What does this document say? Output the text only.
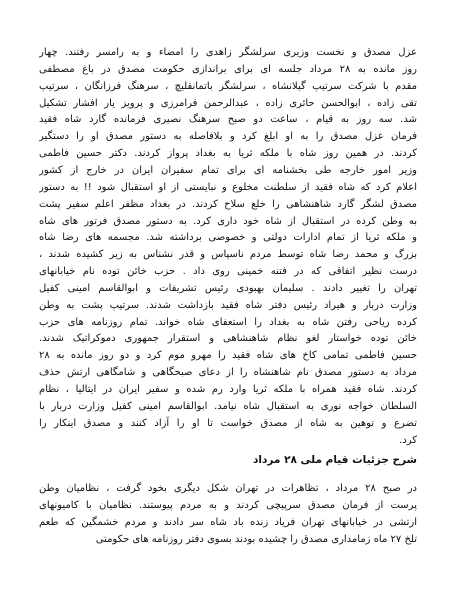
عزل مصدق و نخست وزیری سرلشگر زاهدی را امضاء و به رامسر رفتند. چهار
روز مانده به ۲۸ مرداد جلسه ای برای براندازی حکومت مصدق در باغ مصطفی
مقدم با شرکت سرتیپ گیلانشاه ، سرلشگر باتمانقلیچ ، سرهنگ فرزانگان ، سرتیپ
تقی زاده ، ابوالحسن حائری زاده ، عبدالرحمن فرامرزی و پرویز یار افشار تشکیل
شد. سه روز به قیام ، ساعت دو صبح سرهنگ نصیری فرمانده گارد شاه فقید
فرمان عزل مصدق را به او ابلغ کرد و بلافاصله به دستور مصدق او را دستگیر
کردند. در همین روز شاه با ملکه ثریا به بغداد پرواز کردند. دکتر حسین فاطمی
وزیر امور خارجه طی بخشنامه ای برای تمام سفیران ایران در خارج از کشور
اعلام کرد که شاه فقید از سلطنت مخلوع و نبایستی از او استقبال شود !! به دستور
مصدق لشگر گارد شاهنشاهی را خلع سلاح کردند. در بغداد مظفر اعلم سفیر پشت
به وطن کرده در استقبال از شاه خود داری کرد. به دستور مصدق فرتور های شاه
و ملکه ثریا از تمام ادارات دولتی و خصوصی برداشته شد. مجسمه های رضا شاه
بزرگ و محمد رضا شاه توسط مردم ناسپاس و قدر نشناس به زیر کشیده شدند ،
درست نظیر اتفاقی که در فتنه خمینی روی داد . حزب خائن توده نام خیابانهای
تهران را تغییر دادند . سلیمان بهبودی رئیس تشریفات و ابوالقاسم امینی کفیل
وزارت دربار و هیراد رئیس دفتر شاه فقید بازداشت شدند. سرتیپ پشت به وطن
کرده ریاحی رفتن شاه به بغداد را استعفای شاه خواند. تمام روزنامه های حزب
خائن توده خواستار لغو نظام شاهنشاهی و استقرار جمهوری دموکراتیک شدند.
حسین فاطمی تمامی کاخ های شاه فقید را مهرو موم کرد و دو روز مانده به ۲۸
مرداد به دستور مصدق نام شاهنشاه را از دعای صبحگاهی و شامگاهی ارتش حذف
کردند. شاه فقید همراه با ملکه ثریا وارد رم شده و سفیر ایران در ایتالیا ، نظام
السلطان خواجه نوری به استقبال شاه نیامد. ابوالقاسم امینی کفیل وزارت دربار با
تضرع و توهین به شاه از مصدق خواست تا او را آزاد کنند و مصدق اینکار را
کرد.
شرح جزئیات قیام ملی ۲۸ مرداد
در صبح ۲۸ مرداد ، تظاهرات در تهران شکل دیگری بخود گرفت ، نظامیان وطن
پرست از فرمان مصدق سرپیچی کردند و به مردم پیوستند. نظامیان با کامیونهای
ارتشی در خیابانهای تهران فریاد زنده باد شاه سر دادند و مردم خشمگین که طعم
تلخ ۲۷ ماه زمامداری مصدق را چشیده بودند بسوی دفتر روزنامه های حکومتی
